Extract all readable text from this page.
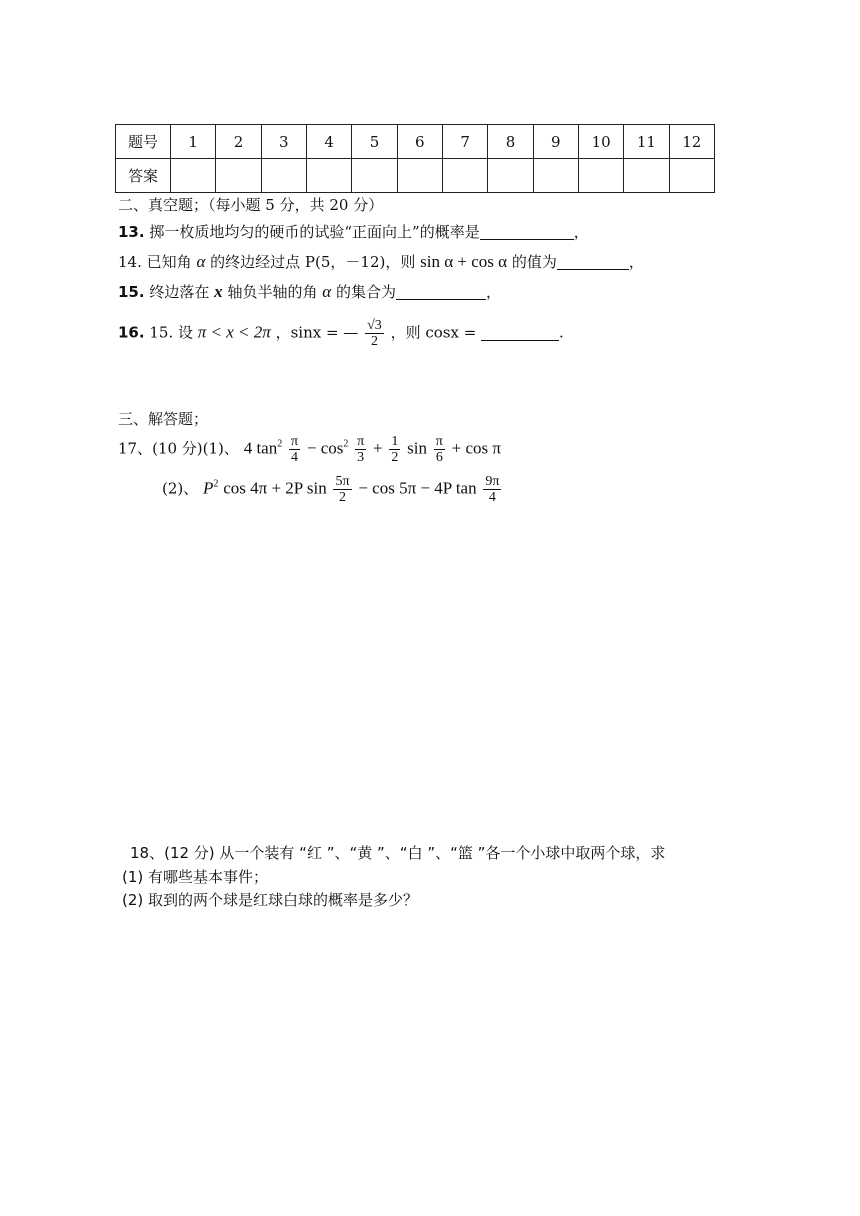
题号	1	2	3	4	5	6	7	8	9	10	11	12
答案												
二、真空题；（每小题 5 分，共 20 分）
13. 掷一枚质地均匀的硬币的试验“正面向上”的概率是	，
14. 已知角 α 的终边经过点 P(5，－12)，则 sin α + cos α 的值为	，
15. 终边落在 x 轴负半轴的角 α 的集合为	，
16. 15. 设 π < x < 2π ，sinx = — $\frac{√3}{2}$ ，则 cosx =	.
三、解答题；
17、(10 分)(1)、 4 $\tan^2 \frac{\pi}{4} - \cos^2 \frac{\pi}{3} + \frac{1}{2}$ $\sin \frac{\pi}{6} + \cos \pi$
(2)、 $P^2$ cos 4π + 2P $\sin \frac{5\pi}{2} - \cos 5\pi - 4P$ $\tan \frac{9\pi}{4}$
18、(12 分) 从一个装有 “红 ”、“黄 ”、“白 ”、“篮 ”各一个小球中取两个球，求
(1) 有哪些基本事件；
(2) 取到的两个球是红球白球的概率是多少？
